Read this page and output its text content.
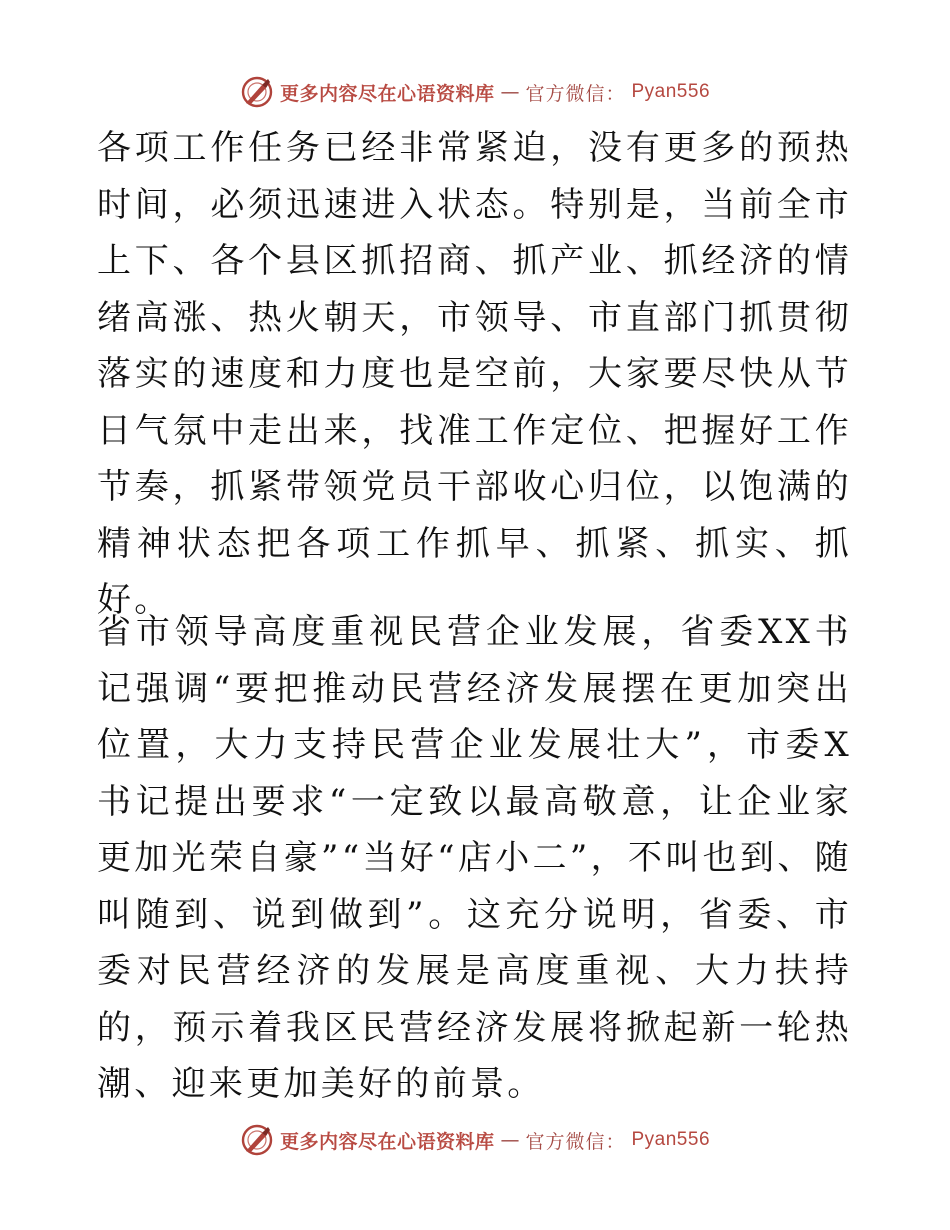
更多内容尽在心语资料库 — 官方微信： Pyan556

各项工作任务已经非常紧迫，没有更多的预热时间，必须迅速进入状态。特别是，当前全市上下、各个县区抓招商、抓产业、抓经济的情绪高涨、热火朝天，市领导、市直部门抓贯彻落实的速度和力度也是空前，大家要尽快从节日气氛中走出来，找准工作定位、把握好工作节奏，抓紧带领党员干部收心归位，以饱满的精神状态把各项工作抓早、抓紧、抓实、抓好。

省市领导高度重视民营企业发展，省委XX书记强调“要把推动民营经济发展摆在更加突出位置，大力支持民营企业发展壮大”，市委X书记提出要求“一定致以最高敬意，让企业家更加光荣自豪”“当好“店小二”，不叫也到、随叫随到、说到做到”。这充分说明，省委、市委对民营经济的发展是高度重视、大力扶持的，预示着我区民营经济发展将掀起新一轮热潮、迎来更加美好的前景。

更多内容尽在心语资料库 — 官方微信： Pyan556
